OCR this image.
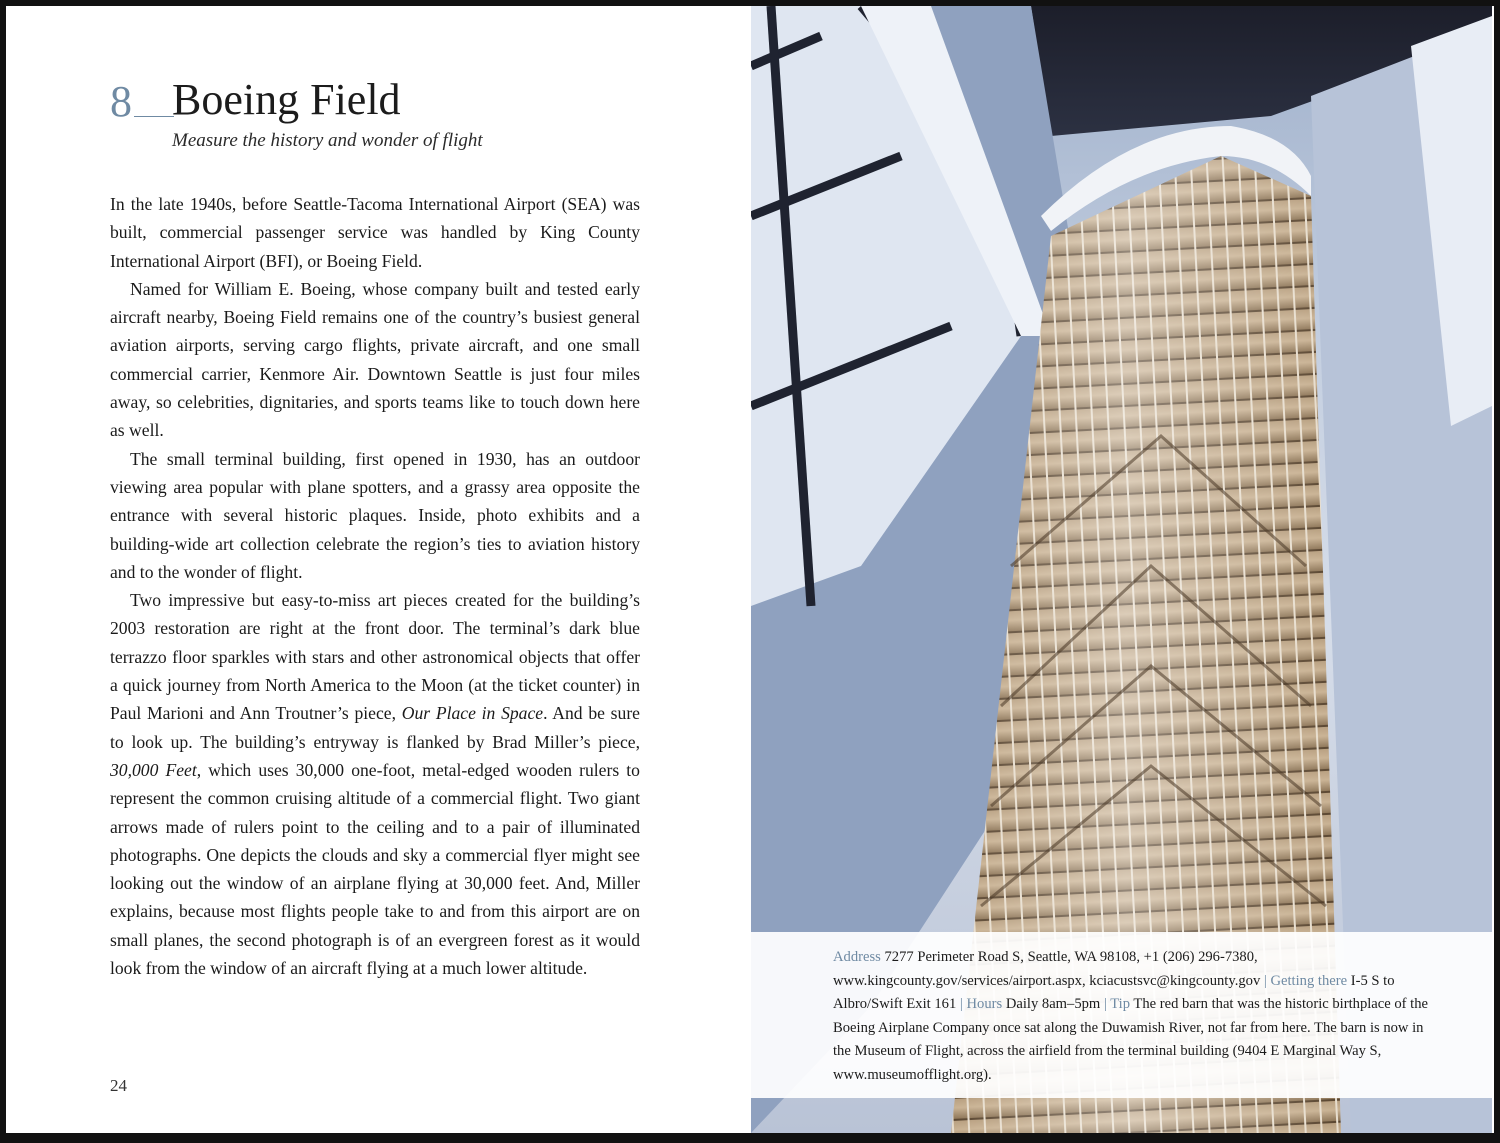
8 Boeing Field
Measure the history and wonder of flight

In the late 1940s, before Seattle-Tacoma International Airport (SEA) was built, commercial passenger service was handled by King County International Airport (BFI), or Boeing Field.

Named for William E. Boeing, whose company built and tested early aircraft nearby, Boeing Field remains one of the country’s busiest general aviation airports, serving cargo flights, private aircraft, and one small commercial carrier, Kenmore Air. Downtown Seattle is just four miles away, so celebrities, dignitaries, and sports teams like to touch down here as well.

The small terminal building, first opened in 1930, has an outdoor viewing area popular with plane spotters, and a grassy area opposite the entrance with several historic plaques. Inside, photo exhibits and a building-wide art collection celebrate the region’s ties to aviation history and to the wonder of flight.

Two impressive but easy-to-miss art pieces created for the building’s 2003 restoration are right at the front door. The terminal’s dark blue terrazzo floor sparkles with stars and other astronomical objects that offer a quick journey from North America to the Moon (at the ticket counter) in Paul Marioni and Ann Troutner’s piece, Our Place in Space. And be sure to look up. The building’s entryway is flanked by Brad Miller’s piece, 30,000 Feet, which uses 30,000 one-foot, metal-edged wooden rulers to represent the common cruising altitude of a commercial flight. Two giant arrows made of rulers point to the ceiling and to a pair of illuminated photographs. One depicts the clouds and sky a commercial flyer might see looking out the window of an airplane flying at 30,000 feet. And, Miller explains, because most flights people take to and from this airport are on small planes, the second photograph is of an evergreen forest as it would look from the window of an aircraft flying at a much lower altitude.

24
Address 7277 Perimeter Road S, Seattle, WA 98108, +1 (206) 296-7380, www.kingcounty.gov/services/airport.aspx, kciacustsvc@kingcounty.gov | Getting there I-5 S to Albro/Swift Exit 161 | Hours Daily 8am–5pm | Tip The red barn that was the historic birthplace of the Boeing Airplane Company once sat along the Duwamish River, not far from here. The barn is now in the Museum of Flight, across the airfield from the terminal building (9404 E Marginal Way S, www.museumofflight.org).
